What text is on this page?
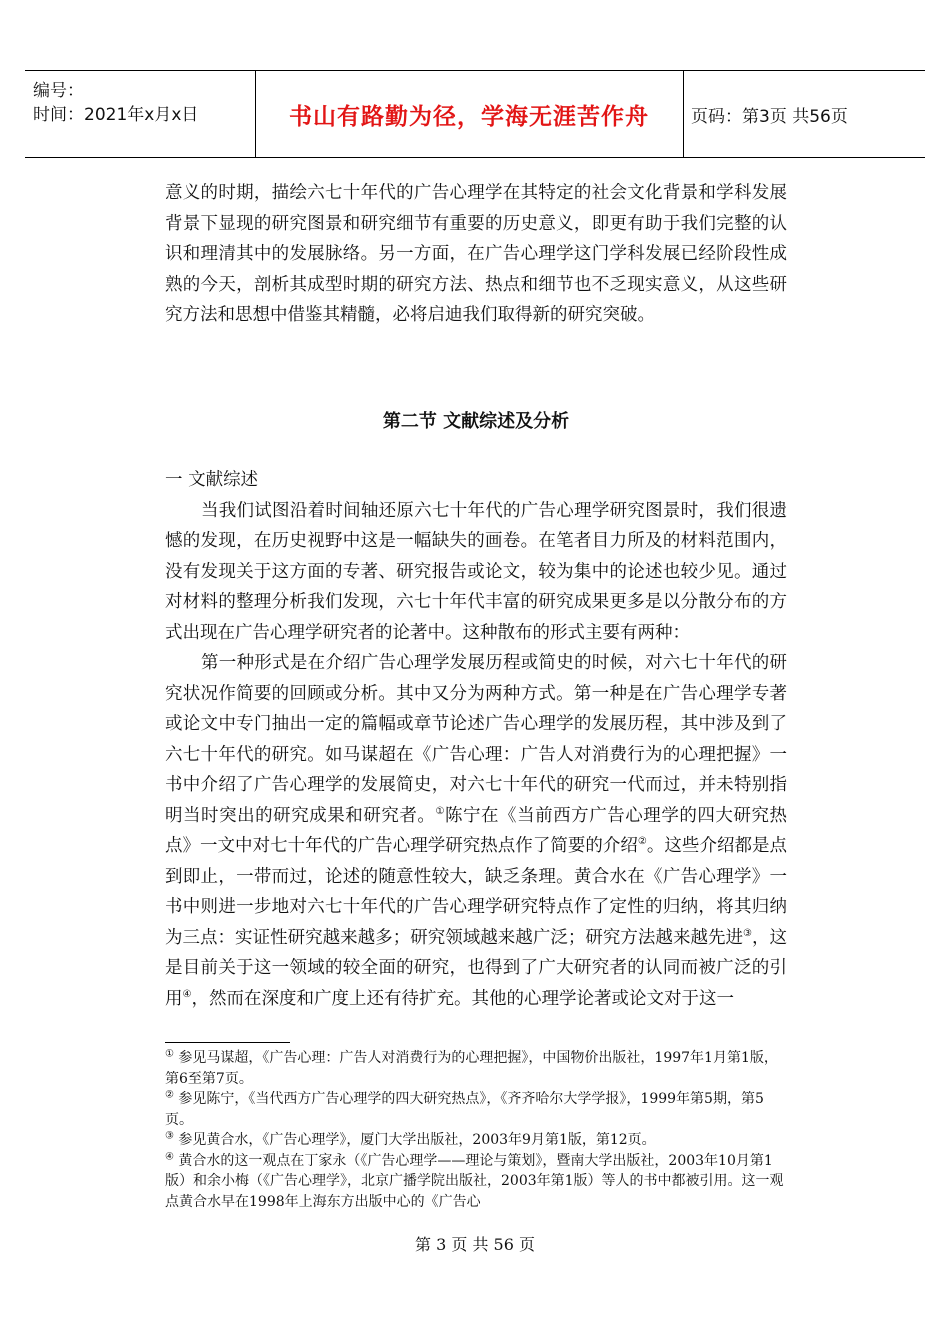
编号：
时间：2021年x月x日	书山有路勤为径，学海无涯苦作舟	页码：第3页 共56页

意义的时期，描绘六七十年代的广告心理学在其特定的社会文化背景和学科发展背景下显现的研究图景和研究细节有重要的历史意义，即更有助于我们完整的认识和理清其中的发展脉络。另一方面，在广告心理学这门学科发展已经阶段性成熟的今天，剖析其成型时期的研究方法、热点和细节也不乏现实意义，从这些研究方法和思想中借鉴其精髓，必将启迪我们取得新的研究突破。

第二节 文献综述及分析

一 文献综述

当我们试图沿着时间轴还原六七十年代的广告心理学研究图景时，我们很遗憾的发现，在历史视野中这是一幅缺失的画卷。在笔者目力所及的材料范围内，没有发现关于这方面的专著、研究报告或论文，较为集中的论述也较少见。通过对材料的整理分析我们发现，六七十年代丰富的研究成果更多是以分散分布的方式出现在广告心理学研究者的论著中。这种散布的形式主要有两种：

第一种形式是在介绍广告心理学发展历程或简史的时候，对六七十年代的研究状况作简要的回顾或分析。其中又分为两种方式。第一种是在广告心理学专著或论文中专门抽出一定的篇幅或章节论述广告心理学的发展历程，其中涉及到了六七十年代的研究。如马谋超在《广告心理：广告人对消费行为的心理把握》一书中介绍了广告心理学的发展简史，对六七十年代的研究一代而过，并未特别指明当时突出的研究成果和研究者。①陈宁在《当前西方广告心理学的四大研究热点》一文中对七十年代的广告心理学研究热点作了简要的介绍②。这些介绍都是点到即止，一带而过，论述的随意性较大，缺乏条理。黄合水在《广告心理学》一书中则进一步地对六七十年代的广告心理学研究特点作了定性的归纳，将其归纳为三点：实证性研究越来越多；研究领域越来越广泛；研究方法越来越先进③，这是目前关于这一领域的较全面的研究，也得到了广大研究者的认同而被广泛的引用④，然而在深度和广度上还有待扩充。其他的心理学论著或论文对于这一

① 参见马谋超，《广告心理：广告人对消费行为的心理把握》，中国物价出版社，1997年1月第1版，第6至第7页。

② 参见陈宁，《当代西方广告心理学的四大研究热点》，《齐齐哈尔大学学报》，1999年第5期，第5页。

③ 参见黄合水，《广告心理学》，厦门大学出版社，2003年9月第1版，第12页。

④ 黄合水的这一观点在丁家永（《广告心理学——理论与策划》，暨南大学出版社，2003年10月第1版）和余小梅（《广告心理学》，北京广播学院出版社，2003年第1版）等人的书中都被引用。这一观点黄合水早在1998年上海东方出版中心的《广告心

第 3 页 共 56 页
